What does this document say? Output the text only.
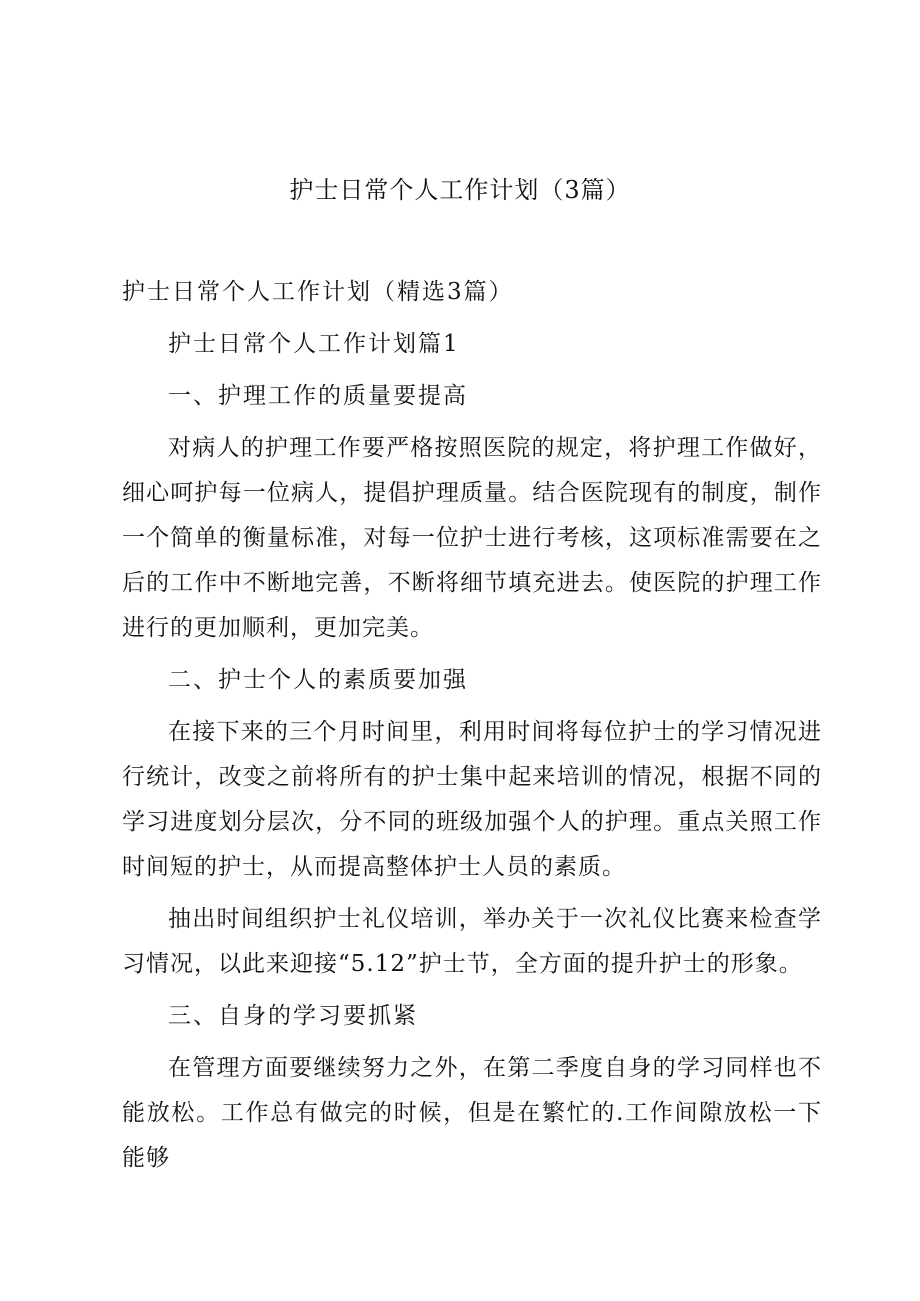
护士日常个人工作计划（3篇）
护士日常个人工作计划（精选3篇）
护士日常个人工作计划篇1
一、护理工作的质量要提高
对病人的护理工作要严格按照医院的规定，将护理工作做好，细心呵护每一位病人，提倡护理质量。结合医院现有的制度，制作一个简单的衡量标准，对每一位护士进行考核，这项标准需要在之后的工作中不断地完善，不断将细节填充进去。使医院的护理工作进行的更加顺利，更加完美。
二、护士个人的素质要加强
在接下来的三个月时间里，利用时间将每位护士的学习情况进行统计，改变之前将所有的护士集中起来培训的情况，根据不同的学习进度划分层次，分不同的班级加强个人的护理。重点关照工作时间短的护士，从而提高整体护士人员的素质。
抽出时间组织护士礼仪培训，举办关于一次礼仪比赛来检查学习情况，以此来迎接“5.12”护士节，全方面的提升护士的形象。
三、自身的学习要抓紧
在管理方面要继续努力之外，在第二季度自身的学习同样也不能放松。工作总有做完的时候，但是在繁忙的.工作间隙放松一下能够
